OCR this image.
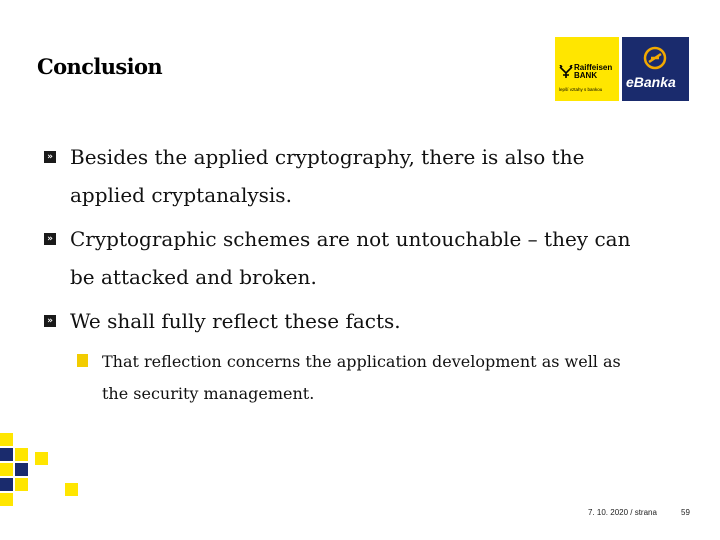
Conclusion	Raiffeisen
BANK
lepší vztahy s bankou eBanka
» Besides the applied cryptography, there is also the applied cryptanalysis.
» Cryptographic schemes are not untouchable – they can be attacked and broken.
» We shall fully reflect these facts.
That reflection concerns the application development as well as the security management.
7. 10. 2020 / strana	59
